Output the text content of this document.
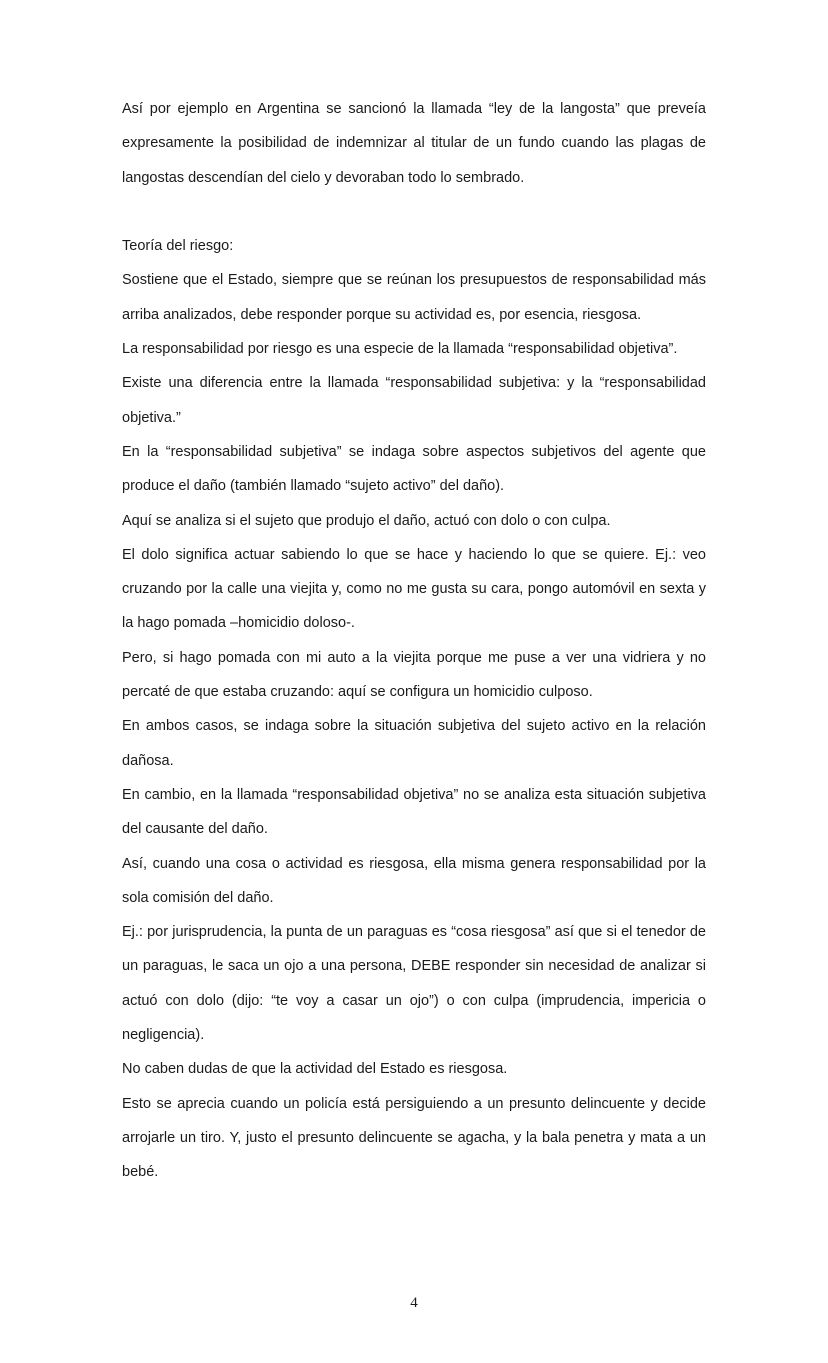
Así por ejemplo en Argentina se sancionó la llamada “ley de la langosta” que preveía expresamente la posibilidad de indemnizar al titular de un fundo cuando las plagas de langostas descendían del cielo y devoraban todo lo sembrado.

Teoría del riesgo:

Sostiene que el Estado, siempre que se reúnan los presupuestos de responsabilidad más arriba analizados, debe responder porque su actividad es, por esencia, riesgosa.

La responsabilidad por riesgo es una especie de la llamada “responsabilidad objetiva”.

Existe una diferencia entre la llamada “responsabilidad subjetiva: y la “responsabilidad objetiva.”

En la “responsabilidad subjetiva” se indaga sobre aspectos subjetivos del agente que produce el daño (también llamado “sujeto activo” del daño).

Aquí se analiza si el sujeto que produjo el daño, actuó con dolo o con culpa.

El dolo significa actuar sabiendo lo que se hace y haciendo lo que se quiere. Ej.: veo cruzando por la calle una viejita y, como no me gusta su cara, pongo automóvil en sexta y la hago pomada –homicidio doloso-.

Pero, si hago pomada con mi auto a la viejita porque me puse a ver una vidriera y no percaté de que estaba cruzando: aquí se configura un homicidio culposo.

En ambos casos, se indaga sobre la situación subjetiva del sujeto activo en la relación dañosa.

En cambio, en la llamada “responsabilidad objetiva” no se analiza esta situación subjetiva del causante del daño.

Así, cuando una cosa o actividad es riesgosa, ella misma genera responsabilidad por la sola comisión del daño.

Ej.: por jurisprudencia, la punta de un paraguas es “cosa riesgosa” así que si el tenedor de un paraguas, le saca un ojo a una persona, DEBE responder sin necesidad de analizar si actuó con dolo (dijo: “te voy a casar un ojo”) o con culpa (imprudencia, impericia o negligencia).

No caben dudas de que la actividad del Estado es riesgosa.

Esto se aprecia cuando un policía está persiguiendo a un presunto delincuente y decide arrojarle un tiro. Y, justo el presunto delincuente se agacha, y la bala penetra y mata a un bebé.

4
